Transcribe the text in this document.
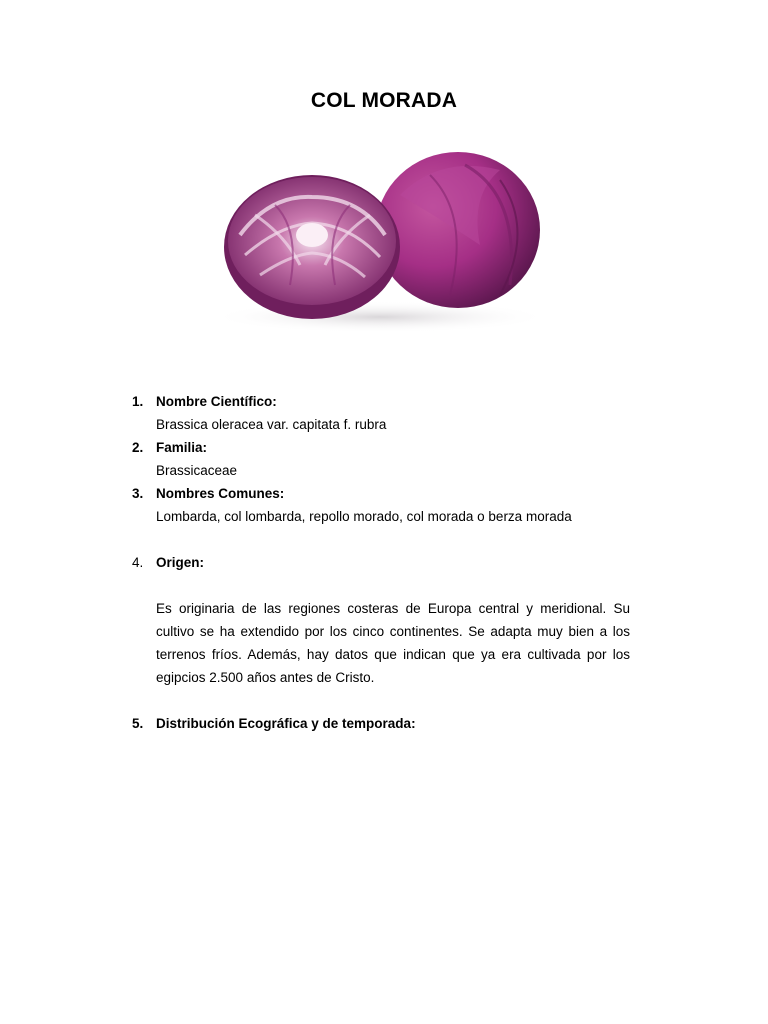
COL MORADA
1. Nombre Científico:
Brassica oleracea var. capitata f. rubra
2. Familia:
Brassicaceae
3. Nombres Comunes:
Lombarda, col lombarda, repollo morado, col morada o berza morada
4. Origen:
Es originaria de las regiones costeras de Europa central y meridional. Su cultivo se ha extendido por los cinco continentes. Se adapta muy bien a los terrenos fríos. Además, hay datos que indican que ya era cultivada por los egipcios 2.500 años antes de Cristo.
5. Distribución Ecográfica y de temporada:
